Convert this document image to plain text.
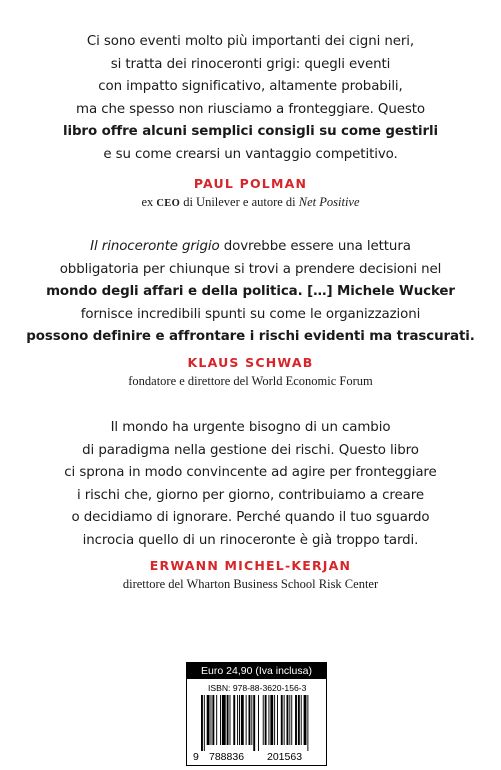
Ci sono eventi molto più importanti dei cigni neri,
si tratta dei rinoceronti grigi: quegli eventi
con impatto significativo, altamente probabili,
ma che spesso non riusciamo a fronteggiare. Questo
libro offre alcuni semplici consigli su come gestirli
e su come crearsi un vantaggio competitivo.
PAUL POLMAN
ex CEO di Unilever e autore di Net Positive
Il rinoceronte grigio dovrebbe essere una lettura
obbligatoria per chiunque si trovi a prendere decisioni nel
mondo degli affari e della politica. […] Michele Wucker
fornisce incredibili spunti su come le organizzazioni
possono definire e affrontare i rischi evidenti ma trascurati.
KLAUS SCHWAB
fondatore e direttore del World Economic Forum
Il mondo ha urgente bisogno di un cambio
di paradigma nella gestione dei rischi. Questo libro
ci sprona in modo convincente ad agire per fronteggiare
i rischi che, giorno per giorno, contribuiamo a creare
o decidiamo di ignorare. Perché quando il tuo sguardo
incrocia quello di un rinoceronte è già troppo tardi.
ERWANN MICHEL-KERJAN
direttore del Wharton Business School Risk Center
Euro 24,90 (Iva inclusa)
ISBN: 978-88-3620-156-3
9 788836 201563
